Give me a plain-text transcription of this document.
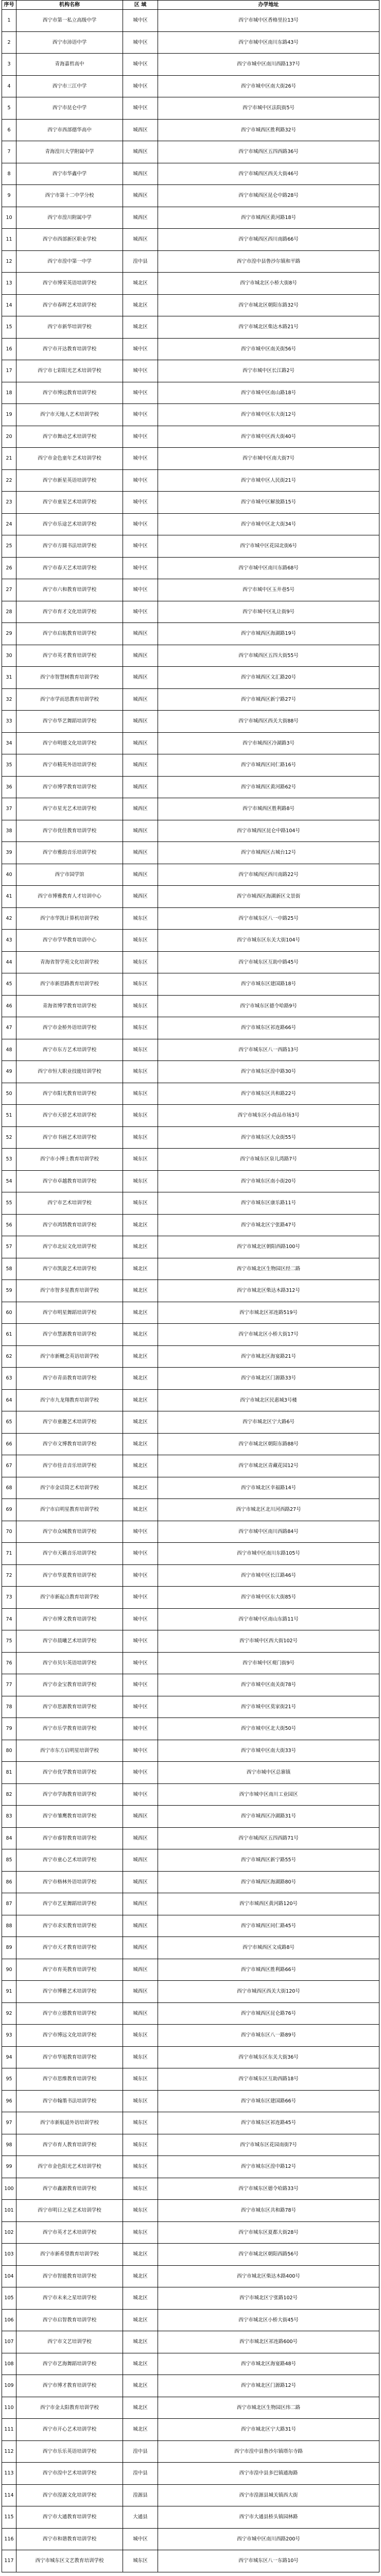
序号	机构名称	区 域	办学地址
1	西宁市第一私立高级中学	城中区	西宁市城中区香格里拉13号
2	西宁市沛语中学	城中区	西宁市城中区南川东路43号
3	青海嘉哲高中	城中区	西宁市城中区南川西路137号
4	西宁市三江中学	城中区	西宁市城中区南大街26号
5	西宁市昆仑中学	城中区	西宁市城中区法院街5号
6	西宁市西部德华高中	城西区	西宁市城西区胜利路32号
7	青海湟川大学附属中学	城西区	西宁市城西区五四西路36号
8	西宁市华鑫中学	城西区	西宁市城西区西关大街46号
9	西宁市第十二中学分校	城西区	西宁市城西区昆仑中路28号
10	西宁市湟川附属中学	城西区	西宁市城西区黄河路18号
11	西宁市西部新区职业学校	城西区	西宁市城西区西川南路66号
12	西宁市湟中第一中学	湟中县	西宁市湟中县鲁沙尔镇和平路
13	西宁市博荣英语培训学校	城北区	西宁市城北区小桥大街8号
14	西宁市春晖艺术培训学校	城北区	西宁市城北区朝阳东路32号
15	西宁市新华培训学校	城北区	西宁市城北区柴达木路21号
16	西宁市开达教育培训学校	城中区	西宁市城中区南关街56号
17	西宁市七彩阳光艺术培训学校	城中区	西宁市城中区长江路2号
18	西宁市博远教育培训学校	城中区	西宁市城中区南山路18号
19	西宁市天地人艺术培训学校	城中区	西宁市城中区东大街12号
20	西宁市舞动艺术培训学校	城中区	西宁市城中区西大街40号
21	西宁市金色童年艺术培训学校	城中区	西宁市城中区南大街7号
22	西宁市新星英语培训学校	城中区	西宁市城中区人民街21号
23	西宁市童星艺术培训学校	城中区	西宁市城中区解放路15号
24	西宁市乐途艺术培训学校	城中区	西宁市城中区北大街34号
25	西宁市方圆书法培训学校	城中区	西宁市城中区花园北街6号
26	西宁市春天艺术培训学校	城中区	西宁市城中区南川东路68号
27	西宁市六和教育培训学校	城中区	西宁市城中区玉井巷5号
28	西宁市育才文化培训学校	城中区	西宁市城中区礼让街9号
29	西宁市启航教育培训学校	城西区	西宁市城西区海湖路19号
30	西宁市英才教育培训学校	城西区	西宁市城西区五四大街55号
31	西宁市智慧树教育培训学校	城西区	西宁市城西区文汇路20号
32	西宁市学而思教育培训学校	城西区	西宁市城西区新宁路27号
33	西宁市华艺舞蹈培训学校	城西区	西宁市城西区西关大街88号
34	西宁市明德文化培训学校	城西区	西宁市城西区冷湖路3号
35	西宁市精英外语培训学校	城西区	西宁市城西区同仁路16号
36	西宁市博学教育培训学校	城西区	西宁市城西区黄河路62号
37	西宁市星光艺术培训学校	城西区	西宁市城西区胜利路8号
38	西宁市优佳教育培训学校	城西区	西宁市城西区昆仑中路104号
39	西宁市雅韵音乐培训学校	城西区	西宁市城西区古城台12号
40	西宁市国学馆	城西区	西宁市城西区西川南路22号
41	西宁市博雅教育人才培训中心	城西区	西宁市城西区海湖新区文景街
42	西宁市华凯计算机培训学校	城东区	西宁市城东区八一中路25号
43	西宁市学华教育培训中心	城东区	西宁市城东区东关大街104号
44	青海省智学苑文化培训学校	城东区	西宁市城东区互助中路45号
45	西宁市新思路教育培训学校	城东区	西宁市城东区建国路18号
46	青海省博学教育培训学校	城东区	西宁市城东区德令哈路9号
47	西宁市金桥外语培训学校	城东区	西宁市城东区祁连路66号
48	西宁市东方艺术培训学校	城东区	西宁市城东区八一西路13号
49	西宁市恒大职业技能培训学校	城东区	西宁市城东区湟中路30号
50	西宁市阳光教育培训学校	城东区	西宁市城东区共和路22号
51	西宁市天骄艺术培训学校	城东区	西宁市城东区小商品市场3号
52	西宁市书画艺术培训学校	城东区	西宁市城东区大众街55号
53	西宁市小博士教育培训学校	城东区	西宁市城东区泉儿湾路7号
54	西宁市卓越教育培训学校	城东区	西宁市城东区南小街20号
55	西宁市艺术培训学校	城东区	西宁市城东区康乐路11号
56	西宁市鸿鹄教育培训学校	城北区	西宁市城北区宁张路47号
57	西宁市北辰文化培训学校	城北区	西宁市城北区朝阳西路100号
58	西宁市凯旋艺术培训学校	城北区	西宁市城北区生物园区经二路
59	西宁市智多星教育培训学校	城北区	西宁市城北区柴达木路312号
60	西宁市明星舞蹈培训学校	城北区	西宁市城北区祁连路519号
61	西宁市慧源教育培训学校	城北区	西宁市城北区小桥大街17号
62	西宁市新概念英语培训学校	城北区	西宁市城北区海宴路21号
63	西宁市青苗教育培训学校	城北区	西宁市城北区门源路33号
64	西宁市九龙翔教育培训学校	城北区	西宁市城北区民惠城3号楼
65	西宁市童趣艺术培训学校	城北区	西宁市城北区宁大路6号
66	西宁市文博教育培训学校	城北区	西宁市城北区朝阳东路88号
67	西宁市佳音音乐培训学校	城北区	西宁市城北区青藏花园12号
68	西宁市金话筒艺术培训学校	城北区	西宁市城北区幸福路14号
69	西宁市启明星教育培训学校	城北区	西宁市城北区北川河西路27号
70	西宁市众城教育培训学校	城中区	西宁市城中区南川西路84号
71	西宁市天籁音乐培训学校	城中区	西宁市城中区南川东路105号
72	西宁市华夏教育培训学校	城中区	西宁市城中区长江路46号
73	西宁市新起点教育培训学校	城中区	西宁市城中区东大街85号
74	西宁市博文教育培训学校	城中区	西宁市城中区南山东路11号
75	西宁市晨曦艺术培训学校	城中区	西宁市城中区西大街102号
76	西宁市贝尔英语培训学校	城中区	西宁市城中区观门街9号
77	西宁市金宝教育培训学校	城中区	西宁市城中区南关街78号
78	西宁市思源教育培训学校	城中区	西宁市城中区莫家街21号
79	西宁市乐学教育培训学校	城中区	西宁市城中区北大街50号
80	西宁市东方启明星培训学校	城中区	西宁市城中区南大街33号
81	西宁市优学教育培训学校	城中区	西宁市城中区总寨镇
82	西宁市学海教育培训学校	城中区	西宁市城中区南川工业园区
83	西宁市雏鹰教育培训学校	城西区	西宁市城西区冷湖路31号
84	西宁市睿智教育培训学校	城西区	西宁市城西区五四西路71号
85	西宁市童心艺术培训学校	城西区	西宁市城西区新宁路55号
86	西宁市格林外语培训学校	城西区	西宁市城西区海湖路80号
87	西宁市艺星舞蹈培训学校	城西区	西宁市城西区黄河路120号
88	西宁市求实教育培训学校	城西区	西宁市城西区同仁路45号
89	西宁市天才教育培训学校	城西区	西宁市城西区文成路8号
90	西宁市育英教育培训学校	城西区	西宁市城西区胜利路66号
91	西宁市博雅艺术培训学校	城西区	西宁市城西区西关大街120号
92	西宁市立德教育培训学校	城西区	西宁市城西区昆仑路76号
93	西宁市博远文化培训学校	城东区	西宁市城东区八一路89号
94	西宁市华旭教育培训学校	城东区	西宁市城东区东关大街36号
95	西宁市思维教育培训学校	城东区	西宁市城东区互助西路18号
96	西宁市翰墨书法培训学校	城东区	西宁市城东区建国路66号
97	西宁市新航道外语培训学校	城东区	西宁市城东区祁连路45号
98	西宁市育人教育培训学校	城东区	西宁市城东区花园南街7号
99	西宁市金色阳光艺术培训学校	城东区	西宁市城东区湟中路12号
100	西宁市鑫源教育培训学校	城东区	西宁市城东区德令哈路33号
101	西宁市明日之星艺术培训学校	城东区	西宁市城东区共和路78号
102	西宁市英才艺术培训学校	城东区	西宁市城东区夏都大街28号
103	西宁市新希望教育培训学校	城北区	西宁市城北区朝阳西路56号
104	西宁市智能教育培训学校	城北区	西宁市城北区柴达木路400号
105	西宁市未来之星培训学校	城北区	西宁市城北区宁张路102号
106	西宁市启智教育培训学校	城北区	西宁市城北区小桥大街45号
107	西宁市文艺培训学校	城北区	西宁市城北区祁连路600号
108	西宁市艺海舞蹈培训学校	城北区	西宁市城北区海宴路48号
109	西宁市博才教育培训学校	城北区	西宁市城北区门源路12号
110	西宁市金太阳教育培训学校	城北区	西宁市城北区生物园区纬二路
111	西宁市开心艺术培训学校	城北区	西宁市城北区宁大路31号
112	西宁市乐乐英语培训学校	湟中县	西宁市湟中县鲁沙尔镇塔尔寺路
113	西宁市湟中艺术培训学校	湟中县	西宁市湟中县多巴镇通海路
114	西宁市湟源文化培训学校	湟源县	西宁市湟源县城关镇西大街
115	西宁市大通教育培训学校	大通县	西宁市大通县桥头镇园林路
116	西宁市和谐教育培训学校	城中区	西宁市城中区南川西路200号
117	西宁市城东区文艺教育培训学校	城东区	西宁市城东区八一东路10号
